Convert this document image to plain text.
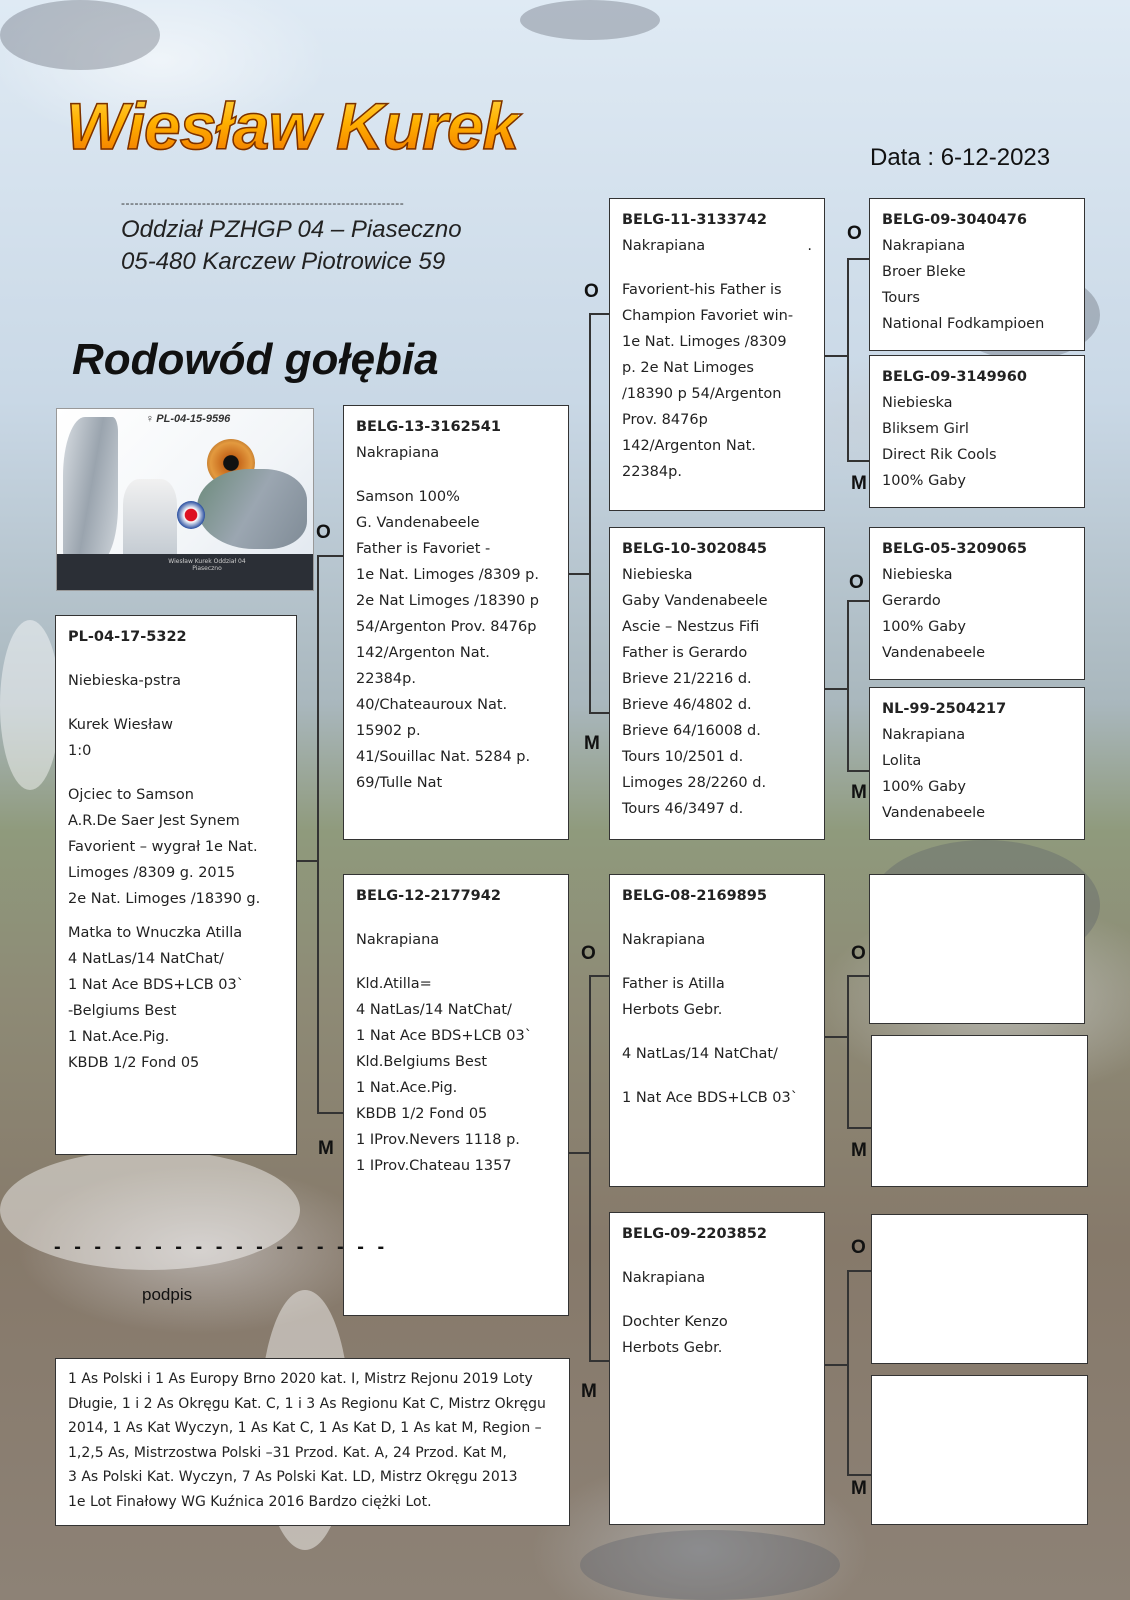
Wiesław Kurek	Data : 6-12-2023
---------------------------------------------------------------
Oddział PZHGP 04 – Piaseczno
05-480 Karczew Piotrowice 59
Rodowód gołębia
♀ PL-04-15-9596
Wiesław Kurek Oddział 04 Piaseczno
PL-04-17-5322
Niebieska-pstra
Kurek Wiesław
1:0
Ojciec to Samson
A.R.De Saer Jest Synem
Favorient – wygrał 1e Nat.
Limoges /8309 g. 2015
2e Nat. Limoges /18390 g.
Matka to Wnuczka Atilla
4 NatLas/14 NatChat/
1 Nat Ace BDS+LCB 03`
-Belgiums Best
1 Nat.Ace.Pig.
KBDB 1/2 Fond 05
BELG-13-3162541
Nakrapiana
Samson 100%
G. Vandenabeele
Father is Favoriet -
1e Nat. Limoges /8309 p.
2e Nat Limoges /18390 p
54/Argenton Prov. 8476p
142/Argenton Nat.
22384p.
40/Chateauroux Nat.
15902 p.
41/Souillac Nat. 5284 p.
69/Tulle Nat
BELG-12-2177942
Nakrapiana
Kld.Atilla=
4 NatLas/14 NatChat/
1 Nat Ace BDS+LCB 03`
Kld.Belgiums Best
1 Nat.Ace.Pig.
KBDB 1/2 Fond 05
1 IProv.Nevers 1118 p.
1 IProv.Chateau 1357
BELG-11-3133742
Nakrapiana	.
Favorient-his Father is
Champion Favoriet win-
1e Nat. Limoges /8309
p. 2e Nat Limoges
/18390 p 54/Argenton
Prov. 8476p
142/Argenton Nat.
22384p.
BELG-10-3020845
Niebieska
Gaby Vandenabeele
Ascie – Nestzus Fifi
Father is Gerardo
Brieve 21/2216 d.
Brieve 46/4802 d.
Brieve 64/16008 d.
Tours 10/2501 d.
Limoges 28/2260 d.
Tours 46/3497 d.
BELG-08-2169895
Nakrapiana
Father is Atilla
Herbots Gebr.
4 NatLas/14 NatChat/
1 Nat Ace BDS+LCB 03`
BELG-09-2203852
Nakrapiana
Dochter Kenzo
Herbots Gebr.
BELG-09-3040476
Nakrapiana
Broer Bleke
Tours
National Fodkampioen
BELG-09-3149960
Niebieska
Bliksem Girl
Direct Rik Cools
100% Gaby
BELG-05-3209065
Niebieska
Gerardo
100% Gaby
Vandenabeele
NL-99-2504217
Nakrapiana
Lolita
100% Gaby
Vandenabeele
O
M
O
M
O
M
O
M
O
M
O
M
O
M
- - - - - - - - - - - - - - - - -
podpis
1 As Polski i 1 As Europy Brno 2020 kat. I, Mistrz Rejonu 2019 Loty
Długie, 1 i 2 As Okręgu Kat. C, 1 i 3 As Regionu Kat C, Mistrz Okręgu
2014, 1 As Kat Wyczyn, 1 As Kat C, 1 As Kat D, 1 As kat M, Region –
1,2,5 As, Mistrzostwa Polski –31 Przod. Kat. A, 24 Przod. Kat M,
3 As Polski Kat. Wyczyn, 7 As Polski Kat. LD, Mistrz Okręgu 2013
1e Lot Finałowy WG Kuźnica 2016 Bardzo ciężki Lot.
